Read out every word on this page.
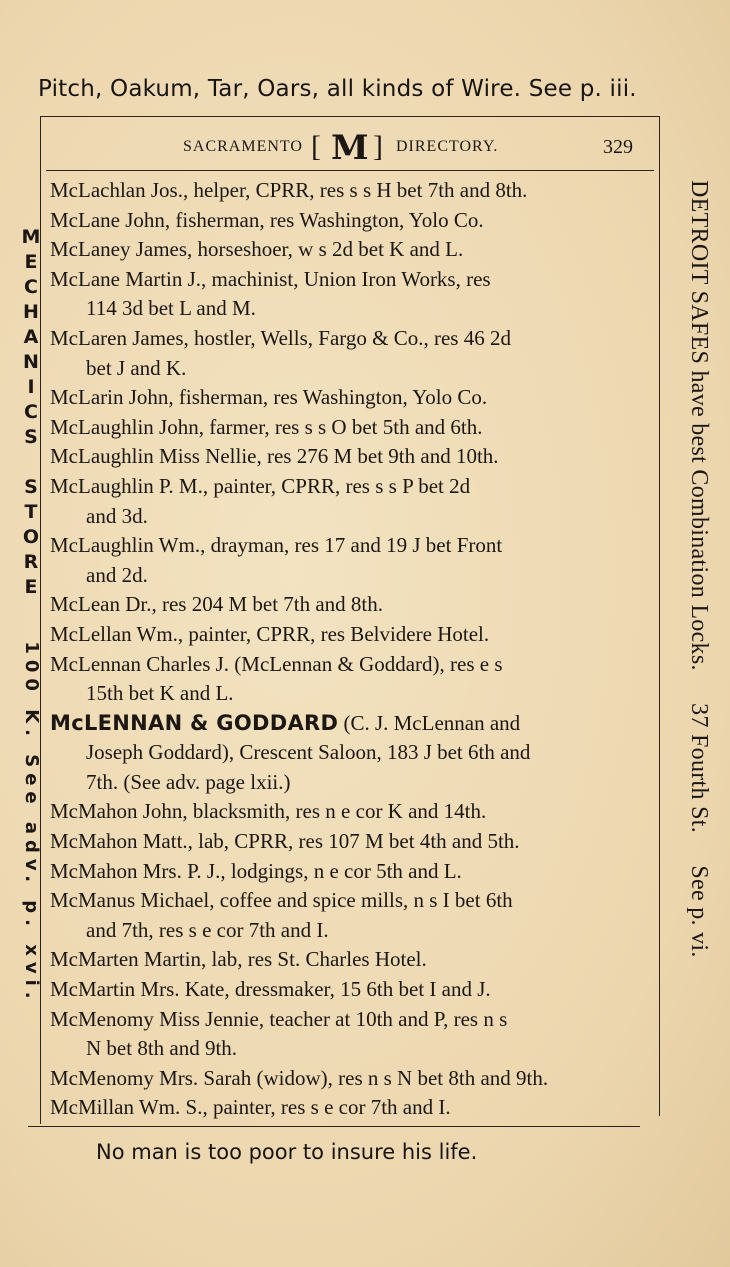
Pitch, Oakum, Tar, Oars, all kinds of Wire. See p. iii.
SACRAMENTO [ M ] DIRECTORY.	329

McLachlan Jos., helper, CPRR, res s s H bet 7th and 8th.

McLane John, fisherman, res Washington, Yolo Co.

McLaney James, horseshoer, w s 2d bet K and L.

McLane Martin J., machinist, Union Iron Works, res
114 3d bet L and M.

McLaren James, hostler, Wells, Fargo & Co., res 46 2d
bet J and K.

McLarin John, fisherman, res Washington, Yolo Co.

McLaughlin John, farmer, res s s O bet 5th and 6th.

McLaughlin Miss Nellie, res 276 M bet 9th and 10th.

McLaughlin P. M., painter, CPRR, res s s P bet 2d
and 3d.

McLaughlin Wm., drayman, res 17 and 19 J bet Front
and 2d.

McLean Dr., res 204 M bet 7th and 8th.

McLellan Wm., painter, CPRR, res Belvidere Hotel.

McLennan Charles J. (McLennan & Goddard), res e s
15th bet K and L.

McLENNAN & GODDARD (C. J. McLennan and
Joseph Goddard), Crescent Saloon, 183 J bet 6th and
7th. (See adv. page lxii.)

McMahon John, blacksmith, res n e cor K and 14th.

McMahon Matt., lab, CPRR, res 107 M bet 4th and 5th.

McMahon Mrs. P. J., lodgings, n e cor 5th and L.

McManus Michael, coffee and spice mills, n s I bet 6th
and 7th, res s e cor 7th and I.

McMarten Martin, lab, res St. Charles Hotel.

McMartin Mrs. Kate, dressmaker, 15 6th bet I and J.

McMenomy Miss Jennie, teacher at 10th and P, res n s
N bet 8th and 9th.

McMenomy Mrs. Sarah (widow), res n s N bet 8th and 9th.

McMillan Wm. S., painter, res s e cor 7th and I.

DETROIT SAFES have best Combination Locks. 37 Fourth St. See p. vi.
M
E
C
H
A
N
I
C
S

S
T
O
R
E
100 K. See adv. p. xvi.
No man is too poor to insure his life.
